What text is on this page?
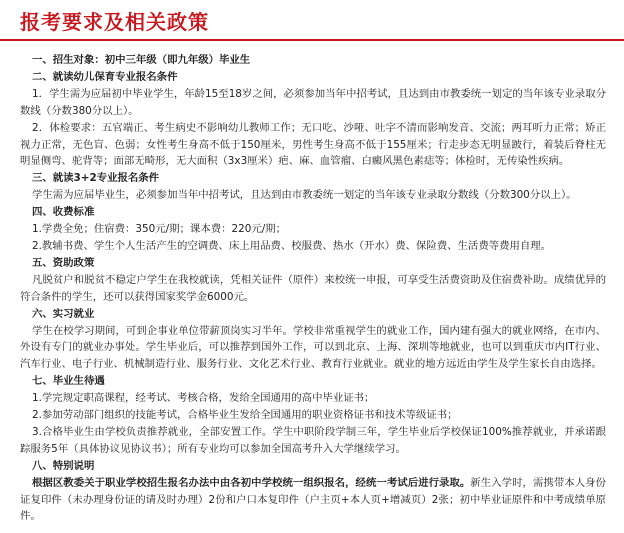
报考要求及相关政策
一、招生对象：初中三年级（即九年级）毕业生
二、就读幼儿保育专业报名条件
1．学生需为应届初中毕业学生，年龄15至18岁之间，必须参加当年中招考试，且达到由市教委统一划定的当年该专业录取分数线（分数380分以上）。
2．体检要求：五官端正、考生病史不影响幼儿教师工作；无口吃、沙哑、吐字不清而影响发音、交流；两耳听力正常；矫正视力正常，无色盲、色弱；女性考生身高不低于150厘米，男性考生身高不低于155厘米；行走步态无明显跛行，着装后脊柱无明显侧弯、驼背等；面部无畸形，无大面积（3x3厘米）疤、麻、血管瘤、白癜风黑色素痣等；体检时，无传染性疾病。
三、就读3+2专业报名条件
学生需为应届毕业生，必须参加当年中招考试，且达到由市教委统一划定的当年该专业录取分数线（分数300分以上）。
四、收费标准
1.学费全免；住宿费：350元/期；课本费：220元/期；
2.教辅书费、学生个人生活产生的空调费、床上用品费、校服费、热水（开水）费、保险费、生活费等费用自理。
五、资助政策
凡脱贫户和脱贫不稳定户学生在我校就读，凭相关证件（原件）来校统一申报，可享受生活费资助及住宿费补助。成绩优异的符合条件的学生，还可以获得国家奖学金6000元。
六、实习就业
学生在校学习期间，可到企事业单位带薪顶岗实习半年。学校非常重视学生的就业工作，国内建有强大的就业网络，在市内、外设有专门的就业办事处。学生毕业后，可以推荐到国外工作，可以到北京、上海、深圳等地就业，也可以到重庆市内IT行业、汽车行业、电子行业、机械制造行业、服务行业、文化艺术行业、教育行业就业。就业的地方远近由学生及学生家长自由选择。
七、毕业生待遇
1.学完规定职高课程，经考试、考核合格，发给全国通用的高中毕业证书；
2.参加劳动部门组织的技能考试，合格毕业生发给全国通用的职业资格证书和技术等级证书；
3.合格毕业生由学校负责推荐就业，全部安置工作。学生中职阶段学制三年，学生毕业后学校保证100%推荐就业，并承诺跟踪服务5年（具体协议见协议书）；所有专业均可以参加全国高考升入大学继续学习。
八、特别说明
根据区教委关于职业学校招生报名办法中由各初中学校统一组织报名，经统一考试后进行录取。新生入学时，需携带本人身份证复印件（未办理身份证的请及时办理）2份和户口本复印件（户主页+本人页+增减页）2张；初中毕业证原件和中考成绩单原件。
